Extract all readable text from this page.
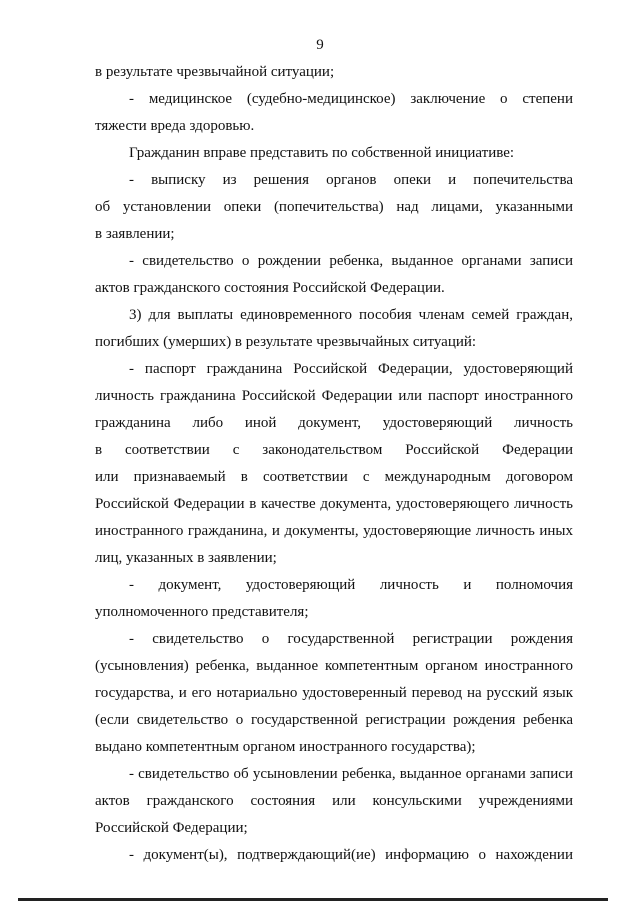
9
в результате чрезвычайной ситуации;
- медицинское (судебно-медицинское) заключение о степени
тяжести вреда здоровью.
Гражданин вправе представить по собственной инициативе:
- выписку из решения органов опеки и попечительства
об установлении опеки (попечительства) над лицами, указанными
в заявлении;
- свидетельство о рождении ребенка, выданное органами записи
актов гражданского состояния Российской Федерации.
3) для выплаты единовременного пособия членам семей граждан,
погибших (умерших) в результате чрезвычайных ситуаций:
- паспорт гражданина Российской Федерации, удостоверяющий
личность гражданина Российской Федерации или паспорт иностранного
гражданина либо иной документ, удостоверяющий личность
в соответствии с законодательством Российской Федерации
или признаваемый в соответствии с международным договором
Российской Федерации в качестве документа, удостоверяющего личность
иностранного гражданина, и документы, удостоверяющие личность иных
лиц, указанных в заявлении;
- документ, удостоверяющий личность и полномочия
уполномоченного представителя;
- свидетельство о государственной регистрации рождения
(усыновления) ребенка, выданное компетентным органом иностранного
государства, и его нотариально удостоверенный перевод на русский язык
(если свидетельство о государственной регистрации рождения ребенка
выдано компетентным органом иностранного государства);
- свидетельство об усыновлении ребенка, выданное органами записи
актов гражданского состояния или консульскими учреждениями
Российской Федерации;
- документ(ы), подтверждающий(ие) информацию о нахождении
